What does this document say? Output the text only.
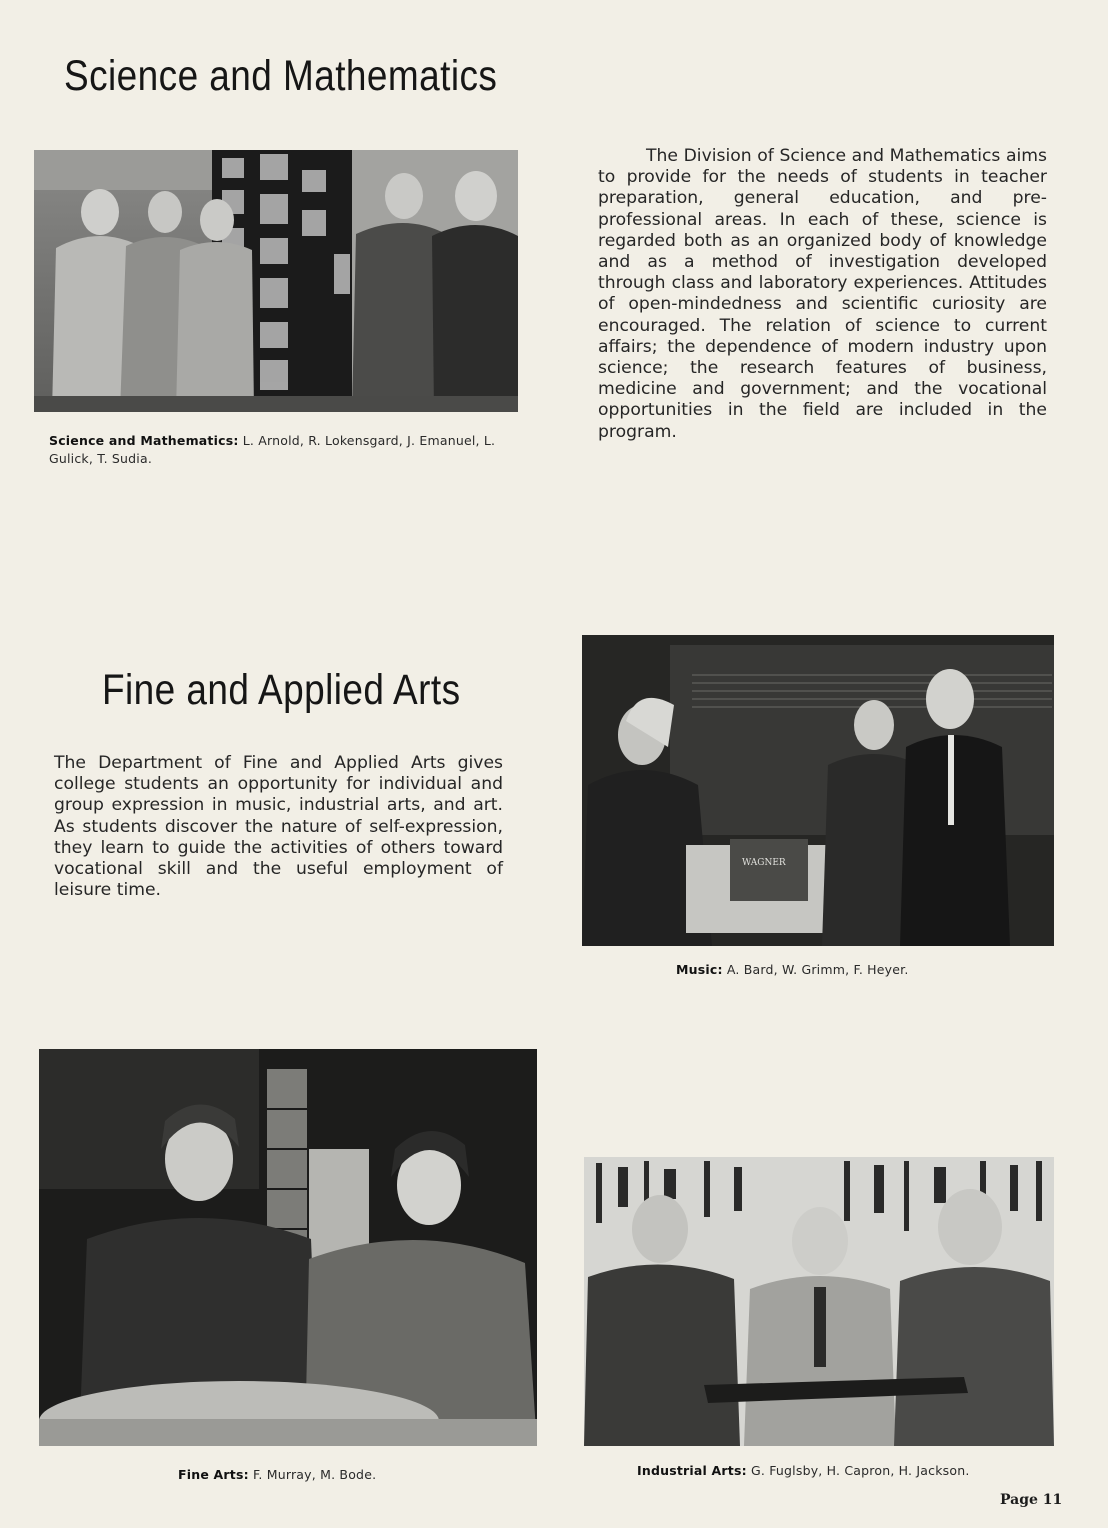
Science and Mathematics

Science and Mathematics: L. Arnold, R. Lokensgard, J. Emanuel, L. Gulick, T. Sudia.

The Division of Science and Mathematics aims to provide for the needs of students in teacher preparation, general education, and pre-professional areas. In each of these, science is regarded both as an organized body of knowledge and as a method of investigation developed through class and laboratory experiences. Attitudes of open-mindedness and scientific curiosity are encouraged. The relation of science to current affairs; the dependence of modern industry upon science; the research features of business, medicine and government; and the vocational opportunities in the field are included in the program.

Fine and Applied Arts

The Department of Fine and Applied Arts gives college students an opportunity for individual and group expression in music, industrial arts, and art. As students discover the nature of self-expression, they learn to guide the activities of others toward vocational skill and the useful employment of leisure time.

WAGNER

Music: A. Bard, W. Grimm, F. Heyer.

Fine Arts: F. Murray, M. Bode.	Industrial Arts: G. Fuglsby, H. Capron, H. Jackson.

Page 11
